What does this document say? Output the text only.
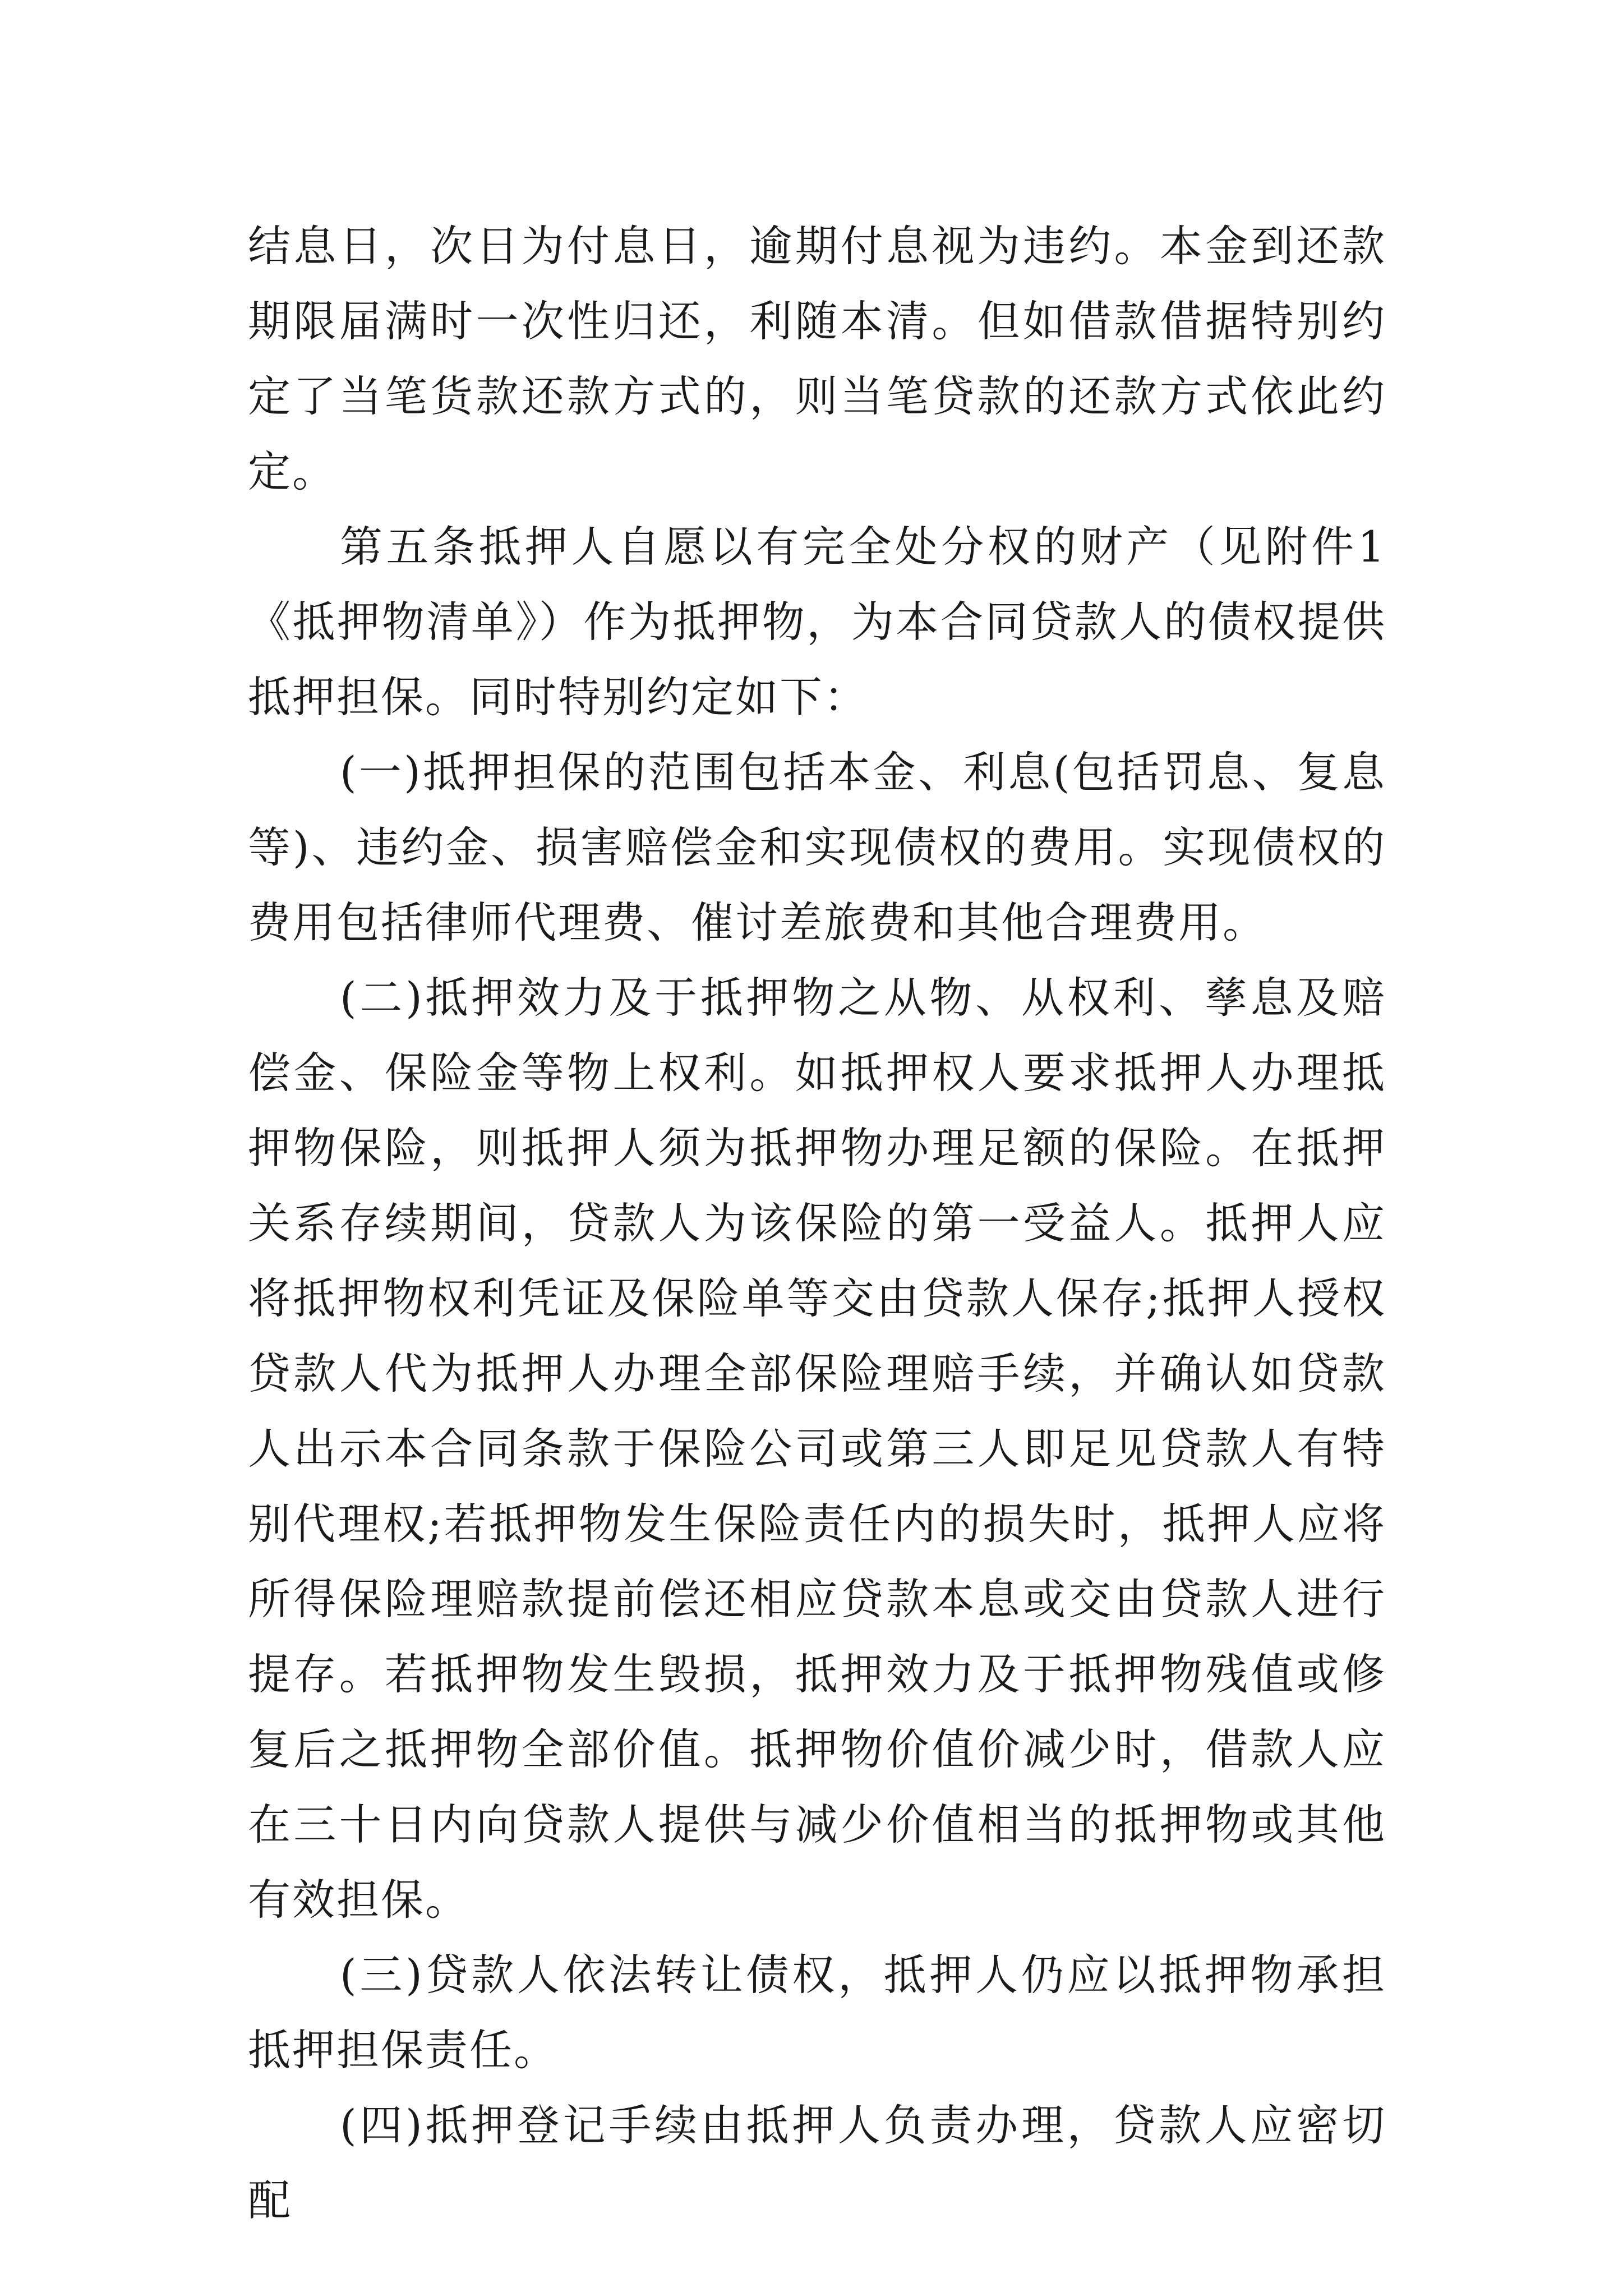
结息日，次日为付息日，逾期付息视为违约。本金到还款期限届满时一次性归还，利随本清。但如借款借据特别约定了当笔货款还款方式的，则当笔贷款的还款方式依此约定。

第五条抵押人自愿以有完全处分权的财产（见附件1《抵押物清单》）作为抵押物，为本合同贷款人的债权提供抵押担保。同时特别约定如下：

(一)抵押担保的范围包括本金、利息(包括罚息、复息等)、违约金、损害赔偿金和实现债权的费用。实现债权的费用包括律师代理费、催讨差旅费和其他合理费用。

(二)抵押效力及于抵押物之从物、从权利、孳息及赔偿金、保险金等物上权利。如抵押权人要求抵押人办理抵押物保险，则抵押人须为抵押物办理足额的保险。在抵押关系存续期间，贷款人为该保险的第一受益人。抵押人应将抵押物权利凭证及保险单等交由贷款人保存;抵押人授权贷款人代为抵押人办理全部保险理赔手续，并确认如贷款人出示本合同条款于保险公司或第三人即足见贷款人有特别代理权;若抵押物发生保险责任内的损失时，抵押人应将所得保险理赔款提前偿还相应贷款本息或交由贷款人进行提存。若抵押物发生毁损，抵押效力及于抵押物残值或修复后之抵押物全部价值。抵押物价值价减少时，借款人应在三十日内向贷款人提供与减少价值相当的抵押物或其他有效担保。

(三)贷款人依法转让债权，抵押人仍应以抵押物承担抵押担保责任。

(四)抵押登记手续由抵押人负责办理，贷款人应密切配
